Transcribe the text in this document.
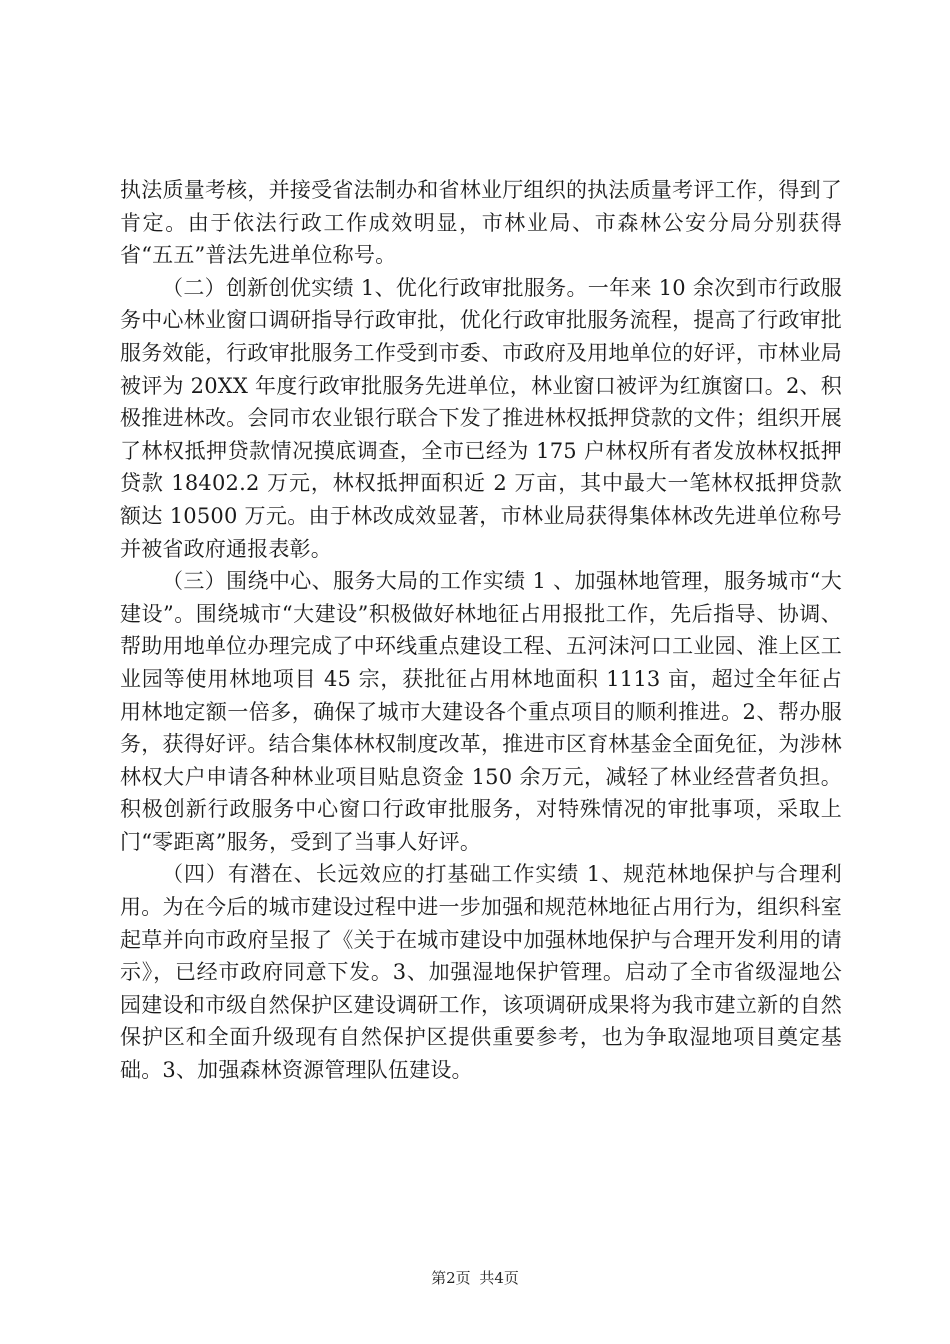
执法质量考核，并接受省法制办和省林业厅组织的执法质量考评工作，得到了肯定。由于依法行政工作成效明显，市林业局、市森林公安分局分别获得省“五五”普法先进单位称号。

（二）创新创优实绩 1、优化行政审批服务。一年来 10 余次到市行政服务中心林业窗口调研指导行政审批，优化行政审批服务流程，提高了行政审批服务效能，行政审批服务工作受到市委、市政府及用地单位的好评，市林业局被评为 20XX 年度行政审批服务先进单位，林业窗口被评为红旗窗口。2、积极推进林改。会同市农业银行联合下发了推进林权抵押贷款的文件；组织开展了林权抵押贷款情况摸底调查，全市已经为 175 户林权所有者发放林权抵押贷款 18402.2 万元，林权抵押面积近 2 万亩，其中最大一笔林权抵押贷款额达 10500 万元。由于林改成效显著，市林业局获得集体林改先进单位称号并被省政府通报表彰。

（三）围绕中心、服务大局的工作实绩 1 、加强林地管理，服务城市“大建设”。围绕城市“大建设”积极做好林地征占用报批工作，先后指导、协调、帮助用地单位办理完成了中环线重点建设工程、五河沫河口工业园、淮上区工业园等使用林地项目 45 宗，获批征占用林地面积 1113 亩，超过全年征占用林地定额一倍多，确保了城市大建设各个重点项目的顺利推进。2、帮办服务，获得好评。结合集体林权制度改革，推进市区育林基金全面免征，为涉林林权大户申请各种林业项目贴息资金 150 余万元，减轻了林业经营者负担。积极创新行政服务中心窗口行政审批服务，对特殊情况的审批事项，采取上门“零距离”服务，受到了当事人好评。

（四）有潜在、长远效应的打基础工作实绩 1、规范林地保护与合理利用。为在今后的城市建设过程中进一步加强和规范林地征占用行为，组织科室起草并向市政府呈报了《关于在城市建设中加强林地保护与合理开发利用的请示》，已经市政府同意下发。3、加强湿地保护管理。启动了全市省级湿地公园建设和市级自然保护区建设调研工作，该项调研成果将为我市建立新的自然保护区和全面升级现有自然保护区提供重要参考，也为争取湿地项目奠定基础。3、加强森林资源管理队伍建设。

第2页 共4页
